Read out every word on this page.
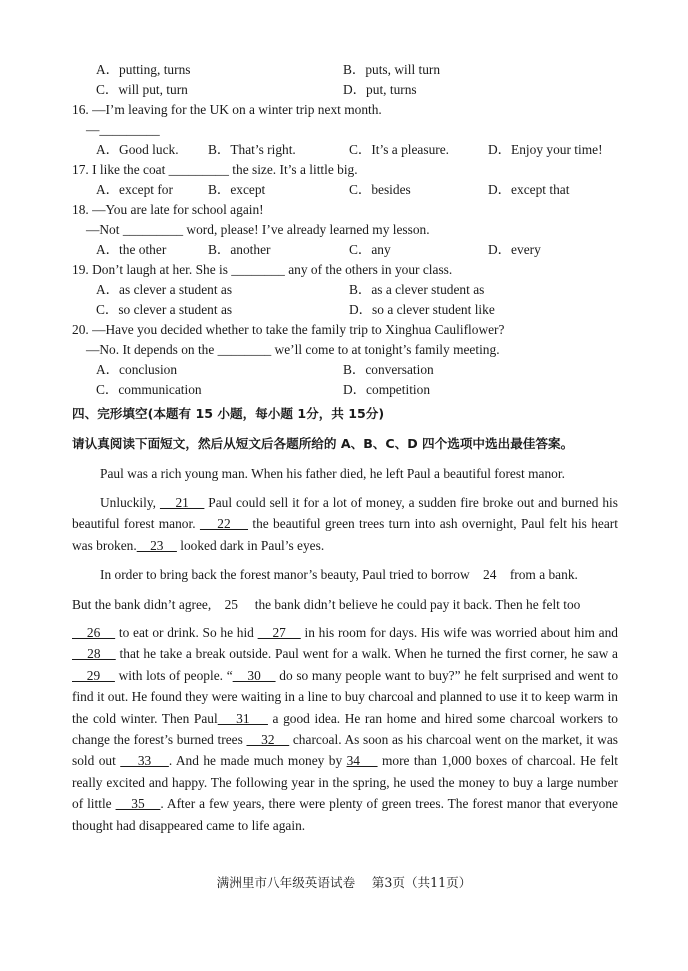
A．putting, turns	B．puts, will turn
C．will put, turn	D．put, turns
16. —I’m leaving for the UK on a winter trip next month.
—_________
A．Good luck. B．That’s right.	C．It’s a pleasure.	D．Enjoy your time!
17. I like the coat _________ the size. It’s a little big.
A．except for	B．except	C．besides	D．except that
18. —You are late for school again!
—Not _________ word, please! I’ve already learned my lesson.
A．the other	B．another	C．any	D．every
19. Don’t laugh at her. She is ________ any of the others in your class.
A．as clever a student as	B．as a clever student as
C．so clever a student as	D．so a clever student like
20. —Have you decided whether to take the family trip to Xinghua Cauliflower?
—No. It depends on the ________ we’ll come to at tonight’s family meeting.
A．conclusion	B．conversation
C．communication	D．competition
四、完形填空(本题有 15 小题，每小题 1分，共 15分)
请认真阅读下面短文，然后从短文后各题所给的 A、B、C、D 四个选项中选出最佳答案。
Paul was a rich young man. When his father died, he left Paul a beautiful forest manor.
Unluckily,     21     Paul could sell it for a lot of money, a sudden fire broke out and burned his beautiful forest manor.     22     the beautiful green trees turn into ash overnight, Paul felt his heart was broken.    23     looked dark in Paul’s eyes.
In order to bring back the forest manor’s beauty, Paul tried to borrow    24    from a bank.
But the bank didn’t agree,    25     the bank didn’t believe he could pay it back. Then he felt too
26     to eat or drink. So he hid     27     in his room for days. His wife was worried about him and     28     that he take a break outside. Paul went for a walk. When he turned the first corner, he saw a     29     with lots of people. “    30     do so many people want to buy?” he felt surprised and went to find it out. He found they were waiting in a line to buy charcoal and planned to use it to keep warm in the cold winter. Then Paul    31     a good idea. He ran home and hired some charcoal workers to change the forest’s burned trees     32     charcoal. As soon as his charcoal went on the market, it was sold out     33    . And he made much money by 34     more than 1,000 boxes of charcoal. He felt really excited and happy. The following year in the spring, he used the money to buy a large number of little     35    . After a few years, there were plenty of green trees. The forest manor that everyone thought had disappeared came to life again.
满洲里市八年级英语试卷　 第3页（共11页）
